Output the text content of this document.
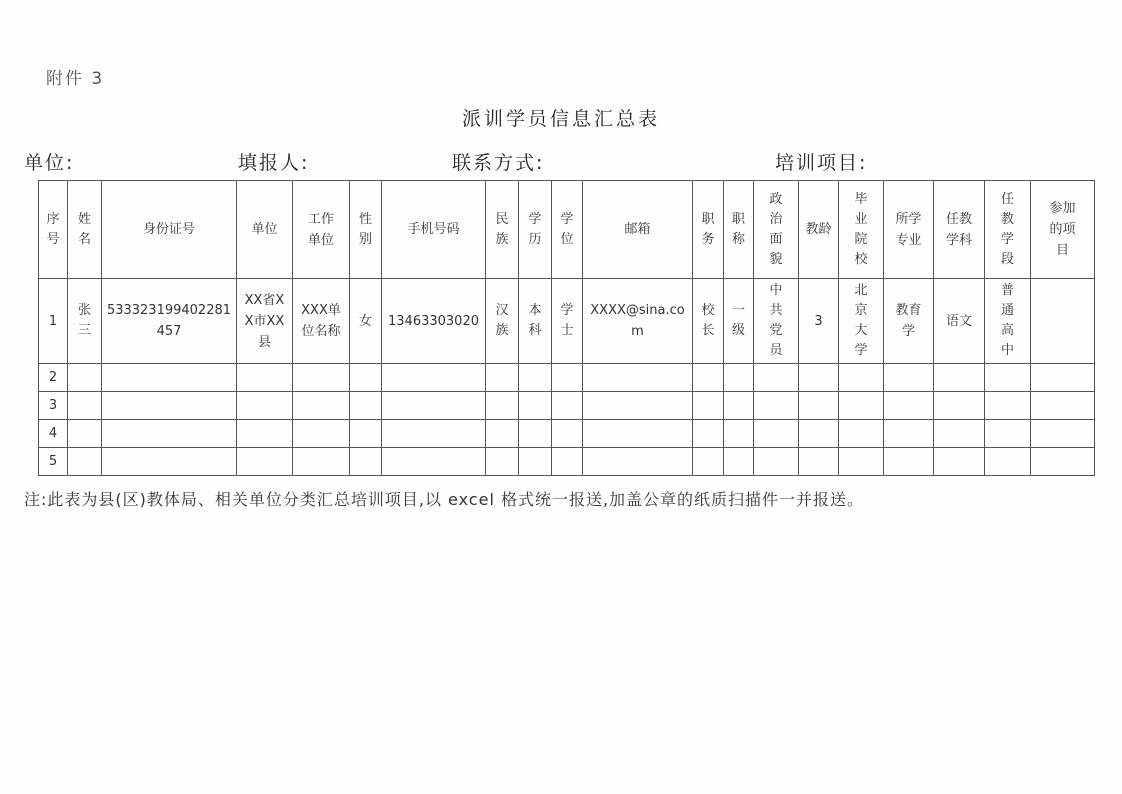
附件 3
派训学员信息汇总表
单位:	填报人:	联系方式:	培训项目:
序号	姓名	身份证号	单位	工作单位	性别	手机号码	民族	学历	学位	邮箱	职务	职称	政治面貌	教龄	毕业院校	所学专业	任教学科	任教学段	参加的项目
1	张三	533323199402281457	XX省XX市XX县	XXX单位名称	女	13463303020	汉族	本科	学士	XXXX@sina.com	校长	一级	中共党员	3	北京大学	教育学	语文	普通高中	
2																			
3																			
4																			
5																			
注:此表为县(区)教体局、相关单位分类汇总培训项目,以 excel 格式统一报送,加盖公章的纸质扫描件一并报送。
